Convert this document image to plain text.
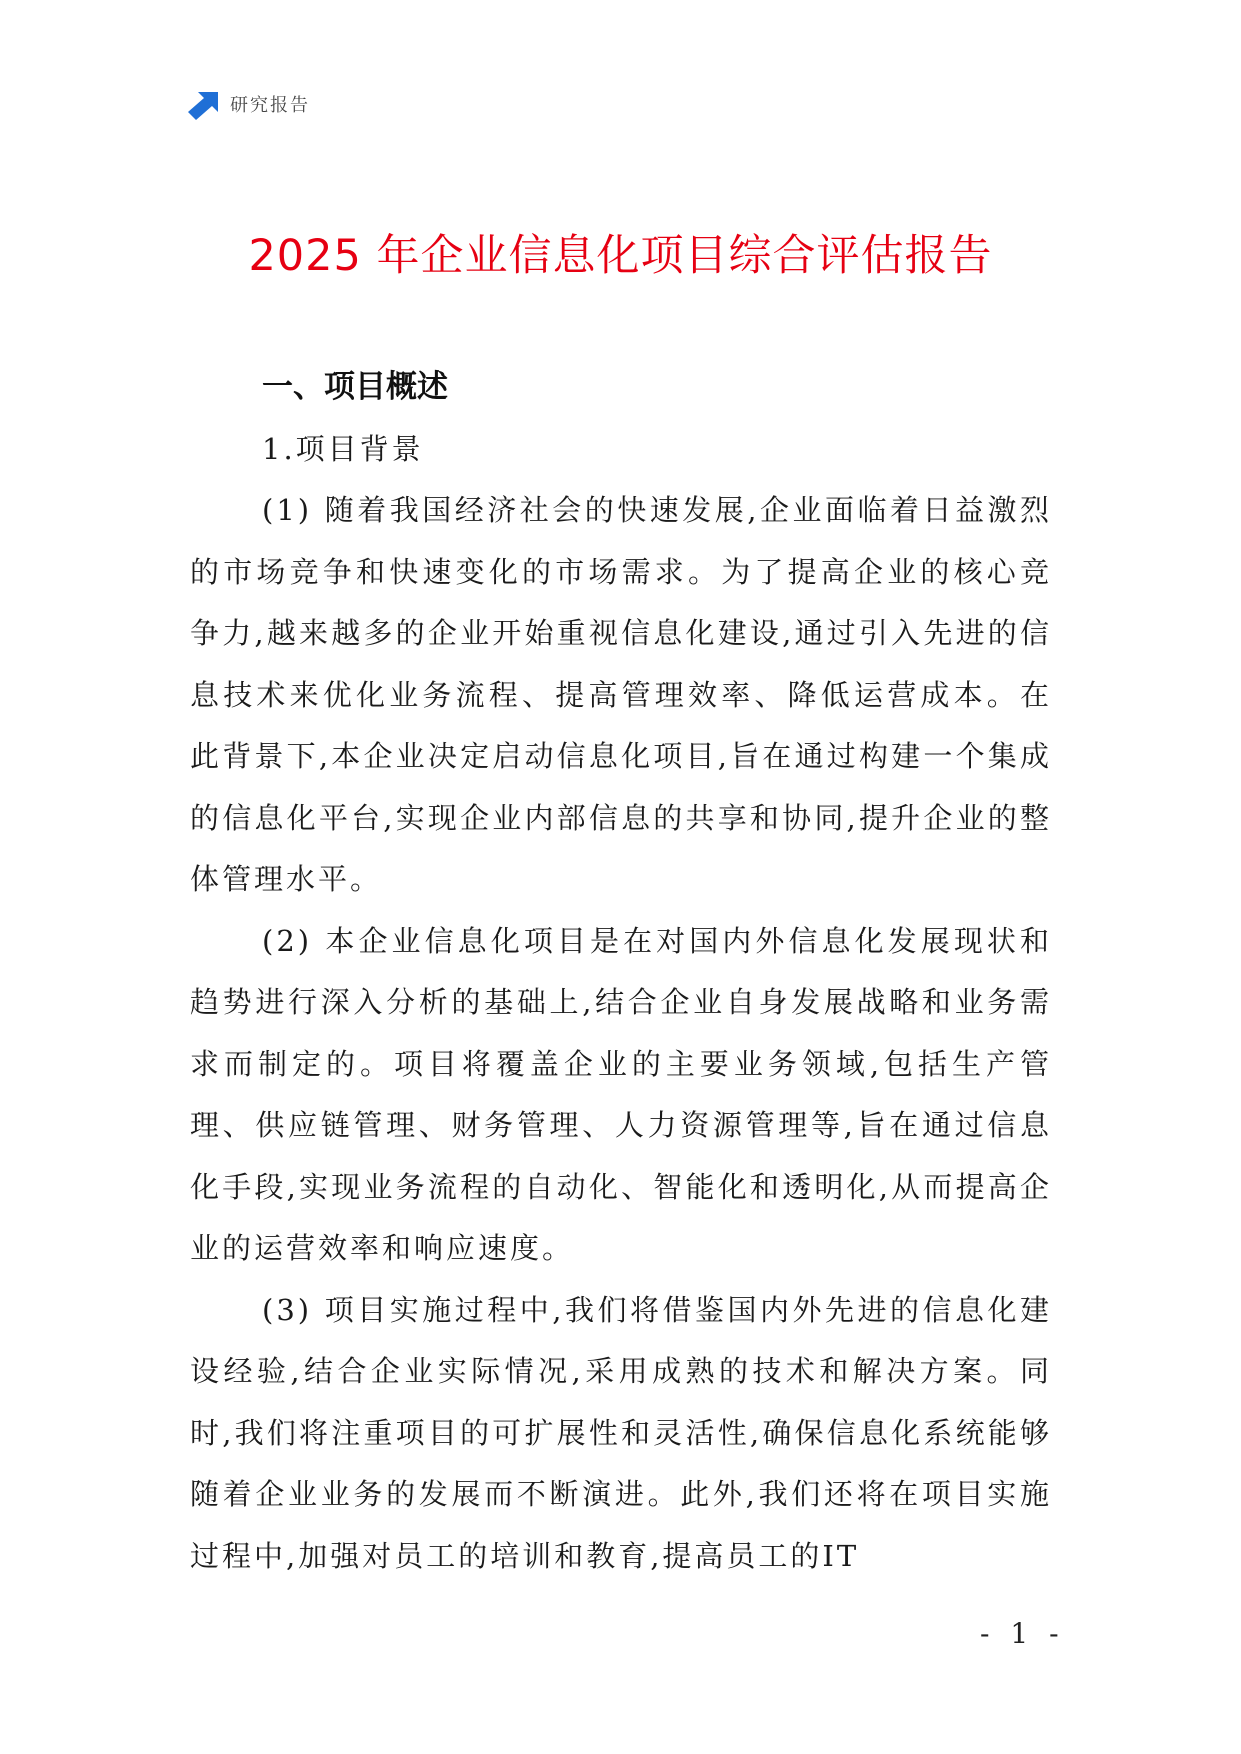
研究报告
2025 年企业信息化项目综合评估报告
一、项目概述
1.项目背景

(1) 随着我国经济社会的快速发展,企业面临着日益激烈的市场竞争和快速变化的市场需求。为了提高企业的核心竞争力,越来越多的企业开始重视信息化建设,通过引入先进的信息技术来优化业务流程、提高管理效率、降低运营成本。在此背景下,本企业决定启动信息化项目,旨在通过构建一个集成的信息化平台,实现企业内部信息的共享和协同,提升企业的整体管理水平。

(2) 本企业信息化项目是在对国内外信息化发展现状和趋势进行深入分析的基础上,结合企业自身发展战略和业务需求而制定的。项目将覆盖企业的主要业务领域,包括生产管理、供应链管理、财务管理、人力资源管理等,旨在通过信息化手段,实现业务流程的自动化、智能化和透明化,从而提高企业的运营效率和响应速度。

(3) 项目实施过程中,我们将借鉴国内外先进的信息化建设经验,结合企业实际情况,采用成熟的技术和解决方案。同时,我们将注重项目的可扩展性和灵活性,确保信息化系统能够随着企业业务的发展而不断演进。此外,我们还将在项目实施过程中,加强对员工的培训和教育,提高员工的IT

- 1 -
